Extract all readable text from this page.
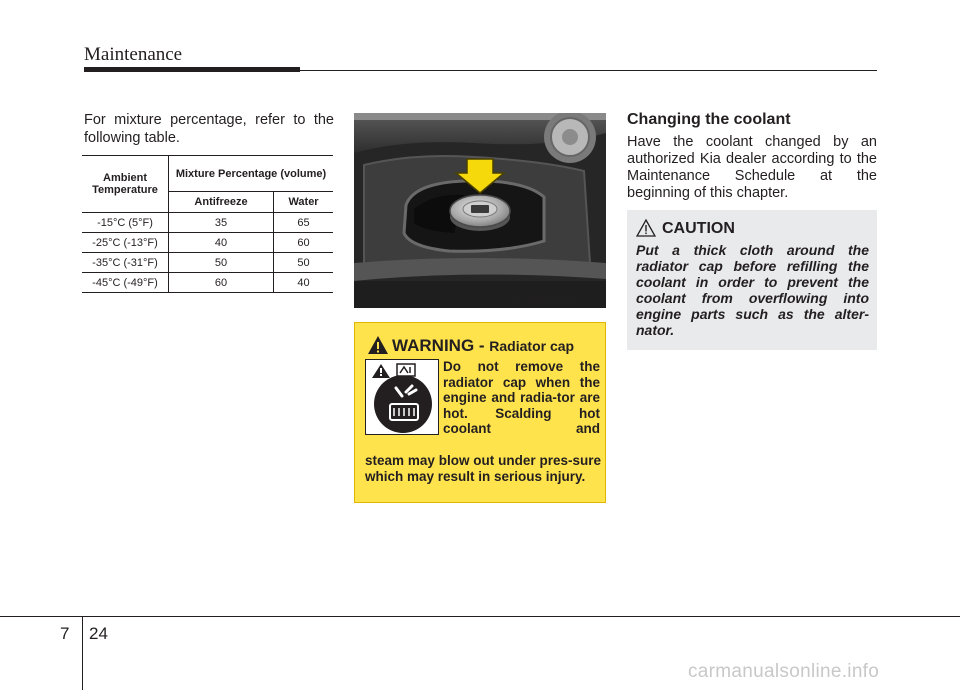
Maintenance
For mixture percentage, refer to the following table.
Ambient Temperature	Mixture Percentage (volume)	
	Antifreeze	Water
-15°C (5°F)	35	65
-25°C (-13°F)	40	60
-35°C (-31°F)	50	50
-45°C (-49°F)	60	40
OYP074066N
WARNING - Radiator cap
Do not remove the radiator cap when the engine and radia-tor are hot. Scalding hot coolant and
steam may blow out under pres-sure which may result in serious injury.
Changing the coolant
Have the coolant changed by an authorized Kia dealer according to the Maintenance Schedule at the beginning of this chapter.
CAUTION
Put a thick cloth around the radiator cap before refilling the coolant in order to prevent the coolant from overflowing into engine parts such as the alter-nator.
7 24
carmanualsonline.info
